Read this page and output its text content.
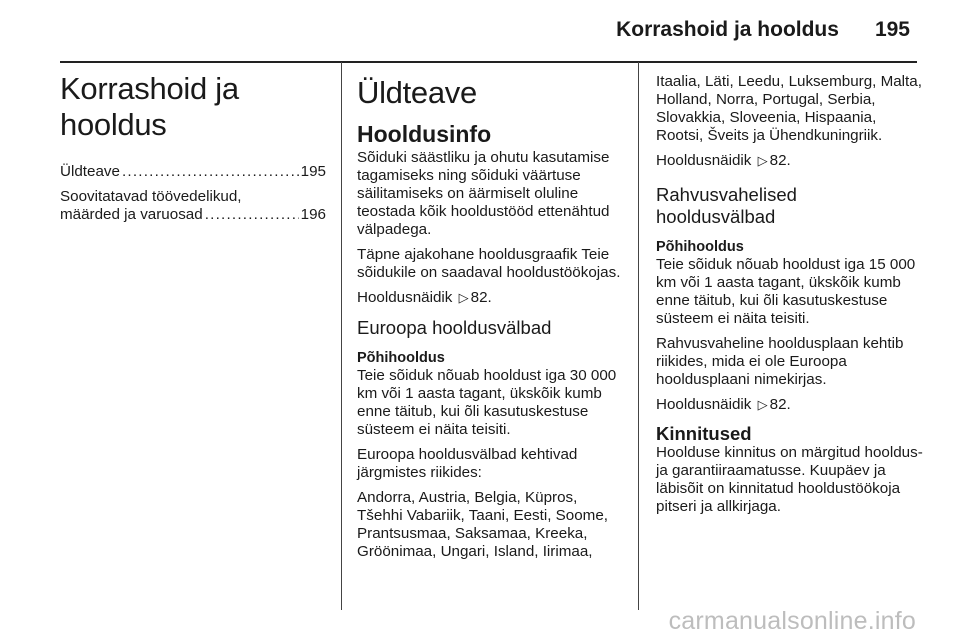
Korrashoid ja hooldus 195
Korrashoid ja hooldus
Üldteave . . .	195
Soovitatavad töövedelikud,
määrded ja varuosad . . .	196
Üldteave
Hooldusinfo

Sõiduki säästliku ja ohutu kasutamise tagamiseks ning sõiduki väärtuse säilitamiseks on äärmiselt oluline teostada kõik hooldustööd ettenähtud välpadega.

Täpne ajakohane hooldusgraafik Teie sõidukile on saadaval hooldustöökojas.

Hooldusnäidik ▷ 82.

Euroopa hooldusvälbad
Põhihooldus

Teie sõiduk nõuab hooldust iga 30 000 km või 1 aasta tagant, ükskõik kumb enne täitub, kui õli kasutuskestuse süsteem ei näita teisiti.

Euroopa hooldusvälbad kehtivad järgmistes riikides:

Andorra, Austria, Belgia, Küpros, Tšehhi Vabariik, Taani, Eesti, Soome, Prantsusmaa, Saksamaa, Kreeka, Gröönimaa, Ungari, Island, Iirimaa,

Itaalia, Läti, Leedu, Luksemburg, Malta, Holland, Norra, Portugal, Serbia, Slovakkia, Sloveenia, Hispaania, Rootsi, Šveits ja Ühendkuningriik.

Hooldusnäidik ▷ 82.

Rahvusvahelised
hooldusvälbad
Põhihooldus

Teie sõiduk nõuab hooldust iga 15 000 km või 1 aasta tagant, ükskõik kumb enne täitub, kui õli kasutuskestuse süsteem ei näita teisiti.

Rahvusvaheline hooldusplaan kehtib riikides, mida ei ole Euroopa hooldusplaani nimekirjas.

Hooldusnäidik ▷ 82.

Kinnitused

Hoolduse kinnitus on märgitud hooldus-ja garantiiraamatusse. Kuupäev ja läbisõit on kinnitatud hooldustöökoja pitseri ja allkirjaga.

carmanualsonline.info
